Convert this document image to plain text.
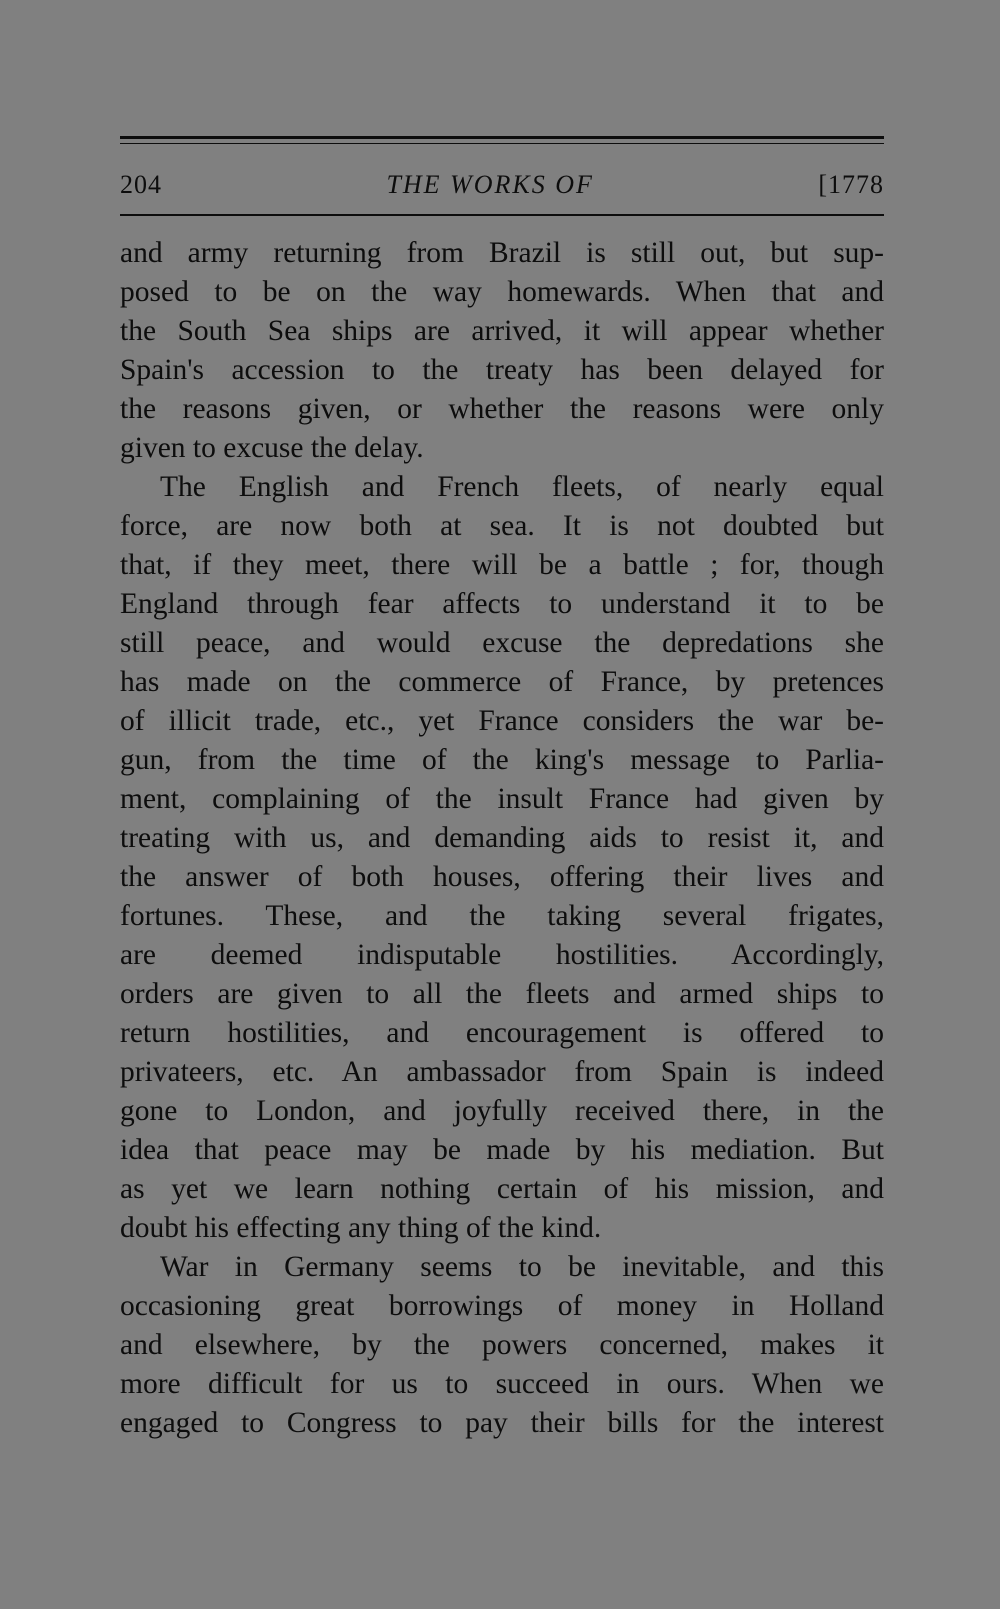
204	THE WORKS OF	[1778
and army returning from Brazil is still out, but sup-
posed to be on the way homewards. When that and
the South Sea ships are arrived, it will appear whether
Spain's accession to the treaty has been delayed for
the reasons given, or whether the reasons were only
given to excuse the delay.
The English and French fleets, of nearly equal
force, are now both at sea. It is not doubted but
that, if they meet, there will be a battle ; for, though
England through fear affects to understand it to be
still peace, and would excuse the depredations she
has made on the commerce of France, by pretences
of illicit trade, etc., yet France considers the war be-
gun, from the time of the king's message to Parlia-
ment, complaining of the insult France had given by
treating with us, and demanding aids to resist it, and
the answer of both houses, offering their lives and
fortunes. These, and the taking several frigates,
are deemed indisputable hostilities. Accordingly,
orders are given to all the fleets and armed ships to
return hostilities, and encouragement is offered to
privateers, etc. An ambassador from Spain is indeed
gone to London, and joyfully received there, in the
idea that peace may be made by his mediation. But
as yet we learn nothing certain of his mission, and
doubt his effecting any thing of the kind.
War in Germany seems to be inevitable, and this
occasioning great borrowings of money in Holland
and elsewhere, by the powers concerned, makes it
more difficult for us to succeed in ours. When we
engaged to Congress to pay their bills for the interest
